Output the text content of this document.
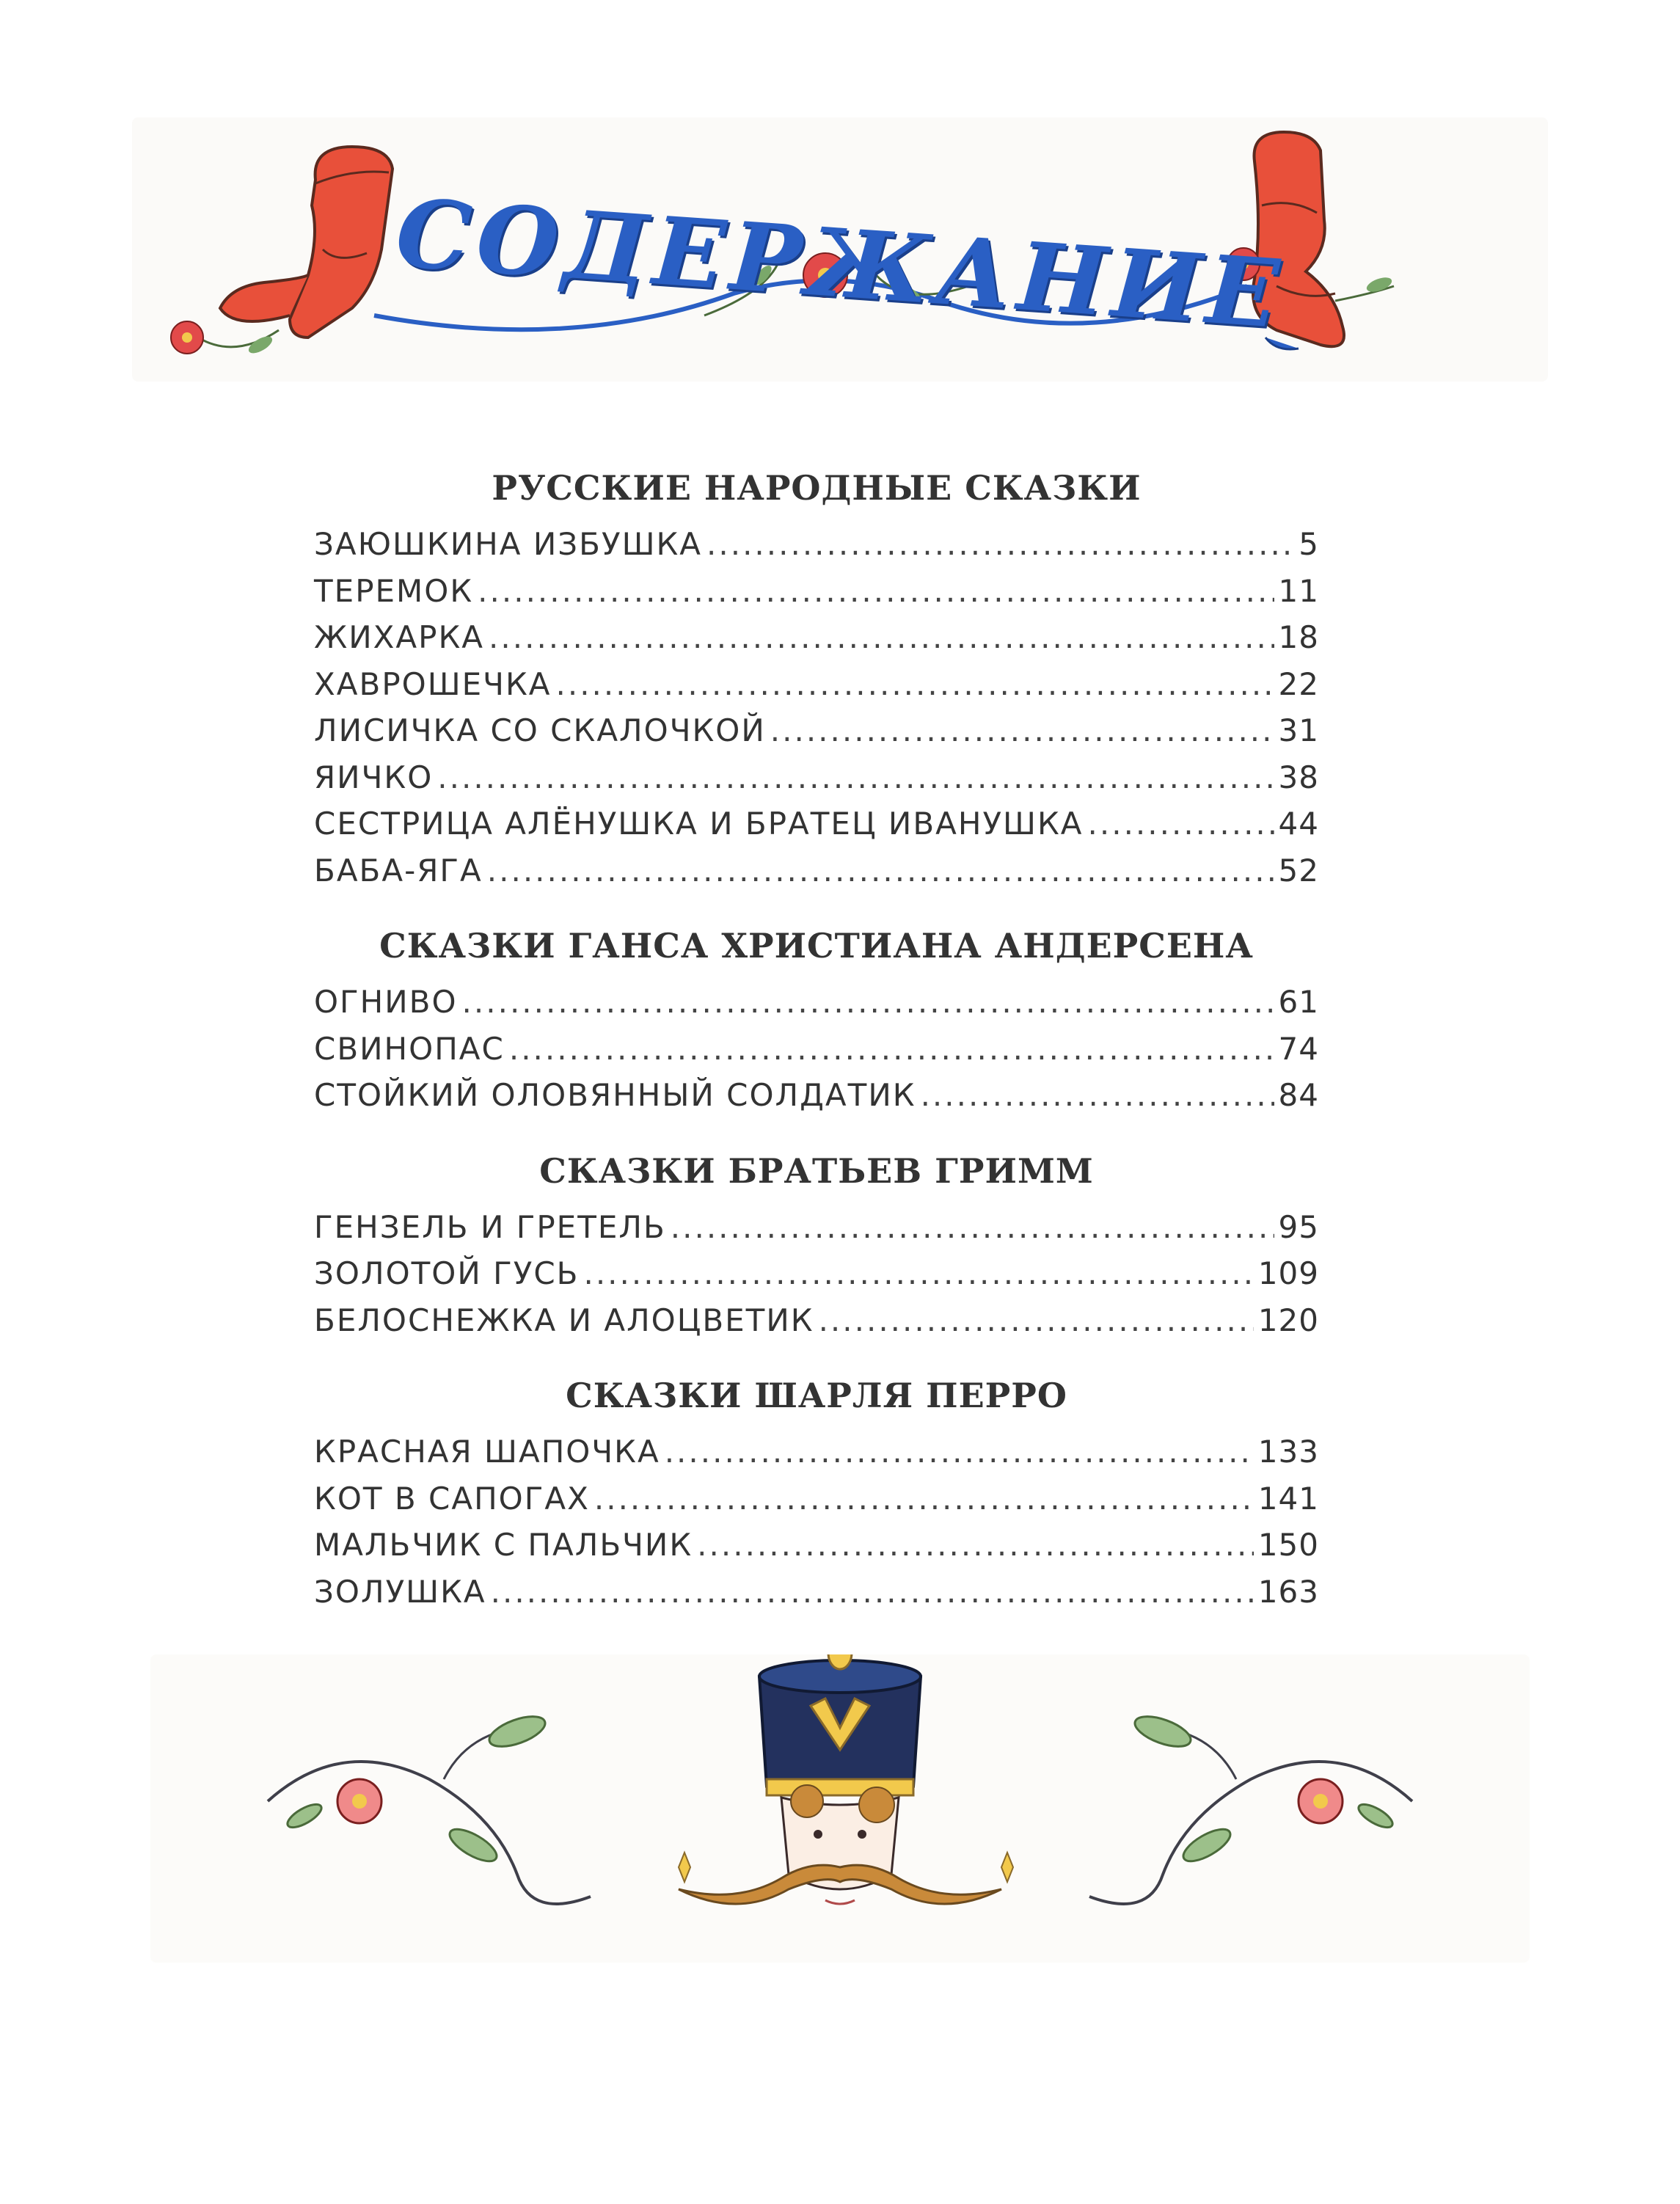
СОДЕРЖАНИЕ
РУССКИЕ НАРОДНЫЕ СКАЗКИ
ЗАЮШКИНА ИЗБУШКА .....	5
ТЕРЕМОК .....	11
ЖИХАРКА .....	18
ХАВРОШЕЧКА .....	22
ЛИСИЧКА СО СКАЛОЧКОЙ .....	31
ЯИЧКО .....	38
СЕСТРИЦА АЛЁНУШКА И БРАТЕЦ ИВАНУШКА .....	44
БАБА-ЯГА .....	52
СКАЗКИ ГАНСА ХРИСТИАНА АНДЕРСЕНА
ОГНИВО .....	61
СВИНОПАС .....	74
СТОЙКИЙ ОЛОВЯННЫЙ СОЛДАТИК .....	84
СКАЗКИ БРАТЬЕВ ГРИММ
ГЕНЗЕЛЬ И ГРЕТЕЛЬ .....	95
ЗОЛОТОЙ ГУСЬ .....	109
БЕЛОСНЕЖКА И АЛОЦВЕТИК .....	120
СКАЗКИ ШАРЛЯ ПЕРРО
КРАСНАЯ ШАПОЧКА .....	133
КОТ В САПОГАХ .....	141
МАЛЬЧИК С ПАЛЬЧИК .....	150
ЗОЛУШКА .....	163
